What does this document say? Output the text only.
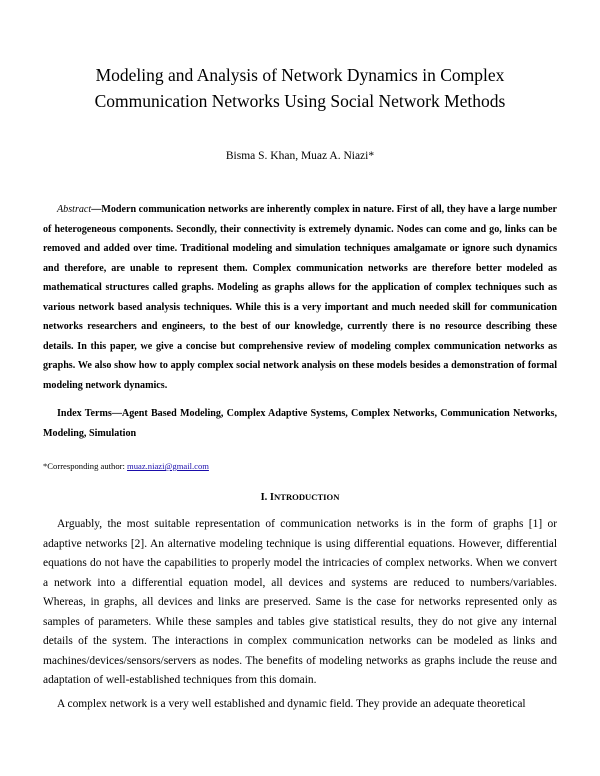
Modeling and Analysis of Network Dynamics in Complex
Communication Networks Using Social Network Methods
Bisma S. Khan, Muaz A. Niazi*

Abstract—Modern communication networks are inherently complex in nature. First of all, they have a large number of heterogeneous components. Secondly, their connectivity is extremely dynamic. Nodes can come and go, links can be removed and added over time. Traditional modeling and simulation techniques amalgamate or ignore such dynamics and therefore, are unable to represent them. Complex communication networks are therefore better modeled as mathematical structures called graphs. Modeling as graphs allows for the application of complex techniques such as various network based analysis techniques. While this is a very important and much needed skill for communication networks researchers and engineers, to the best of our knowledge, currently there is no resource describing these details. In this paper, we give a concise but comprehensive review of modeling complex communication networks as graphs. We also show how to apply complex social network analysis on these models besides a demonstration of formal modeling network dynamics.

Index Terms—Agent Based Modeling, Complex Adaptive Systems, Complex Networks, Communication Networks, Modeling, Simulation

*Corresponding author: muaz.niazi@gmail.com
I. INTRODUCTION

Arguably, the most suitable representation of communication networks is in the form of graphs [1] or adaptive networks [2]. An alternative modeling technique is using differential equations. However, differential equations do not have the capabilities to properly model the intricacies of complex networks. When we convert a network into a differential equation model, all devices and systems are reduced to numbers/variables. Whereas, in graphs, all devices and links are preserved. Same is the case for networks represented only as samples of parameters. While these samples and tables give statistical results, they do not give any internal details of the system. The interactions in complex communication networks can be modeled as links and machines/devices/sensors/servers as nodes. The benefits of modeling networks as graphs include the reuse and adaptation of well-established techniques from this domain.

A complex network is a very well established and dynamic field. They provide an adequate theoretical
